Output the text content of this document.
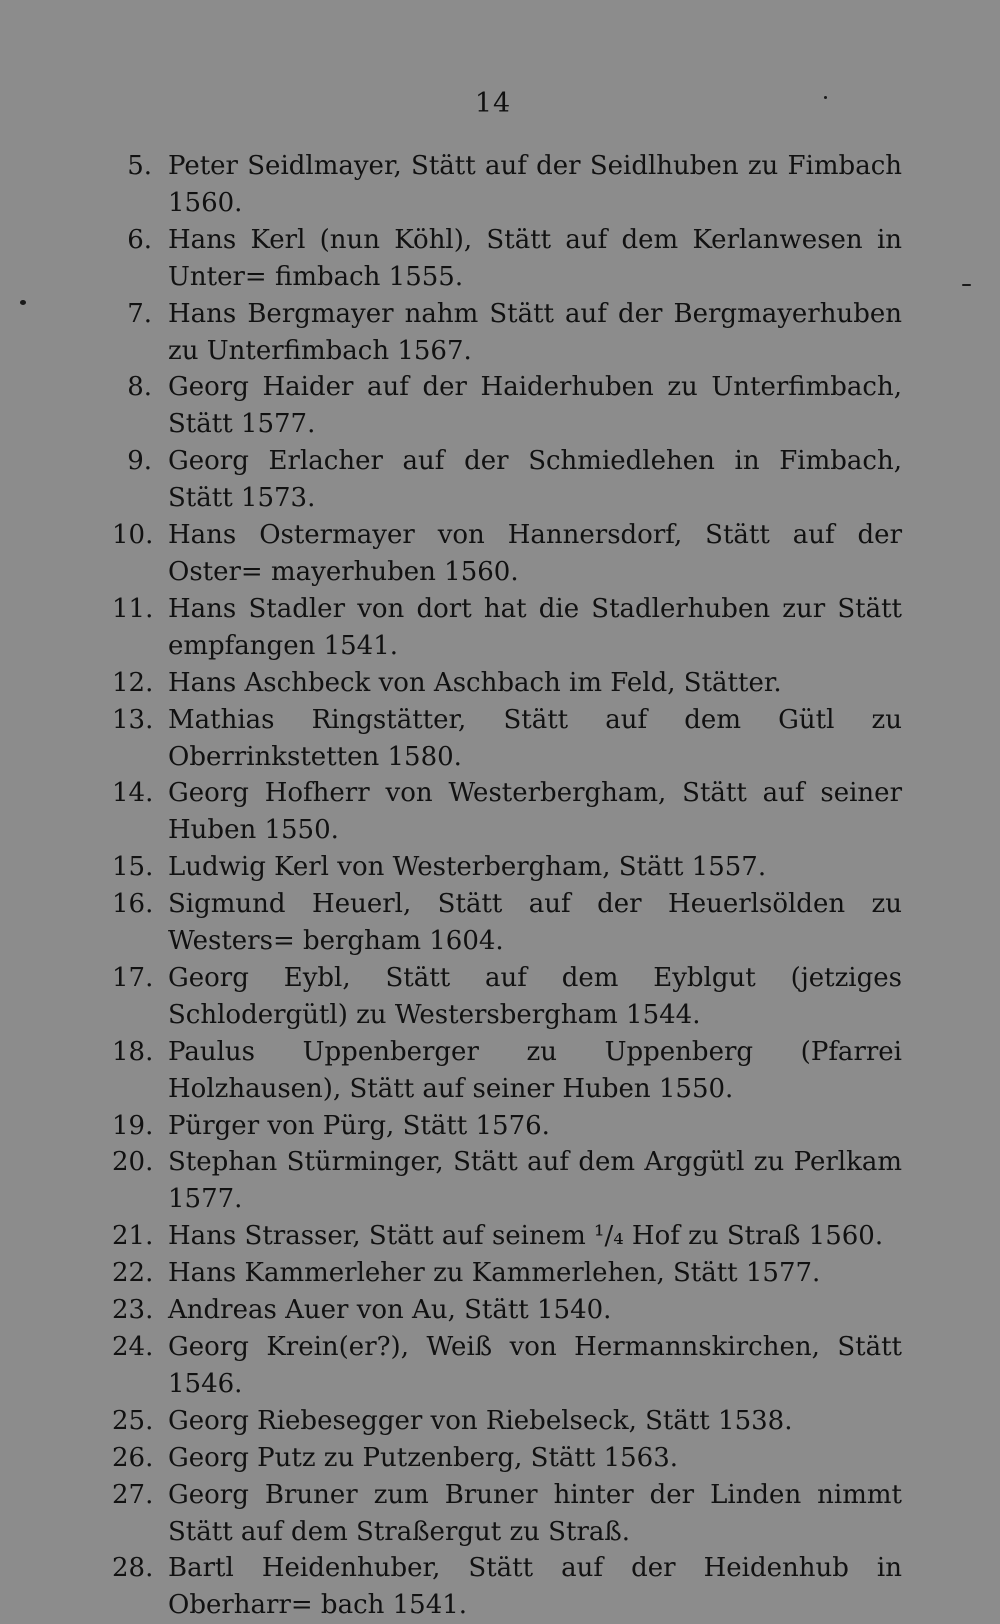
14
5. Peter Seidlmayer, Stätt auf der Seidlhuben zu Fimbach 1560.
6. Hans Kerl (nun Köhl), Stätt auf dem Kerlanwesen in Unter= fimbach 1555.
7. Hans Bergmayer nahm Stätt auf der Bergmayerhuben zu Unterfimbach 1567.
8. Georg Haider auf der Haiderhuben zu Unterfimbach, Stätt 1577.
9. Georg Erlacher auf der Schmiedlehen in Fimbach, Stätt 1573.
10. Hans Ostermayer von Hannersdorf, Stätt auf der Oster= mayerhuben 1560.
11. Hans Stadler von dort hat die Stadlerhuben zur Stätt empfangen 1541.
12. Hans Aschbeck von Aschbach im Feld, Stätter.
13. Mathias Ringstätter, Stätt auf dem Gütl zu Oberrinkstetten 1580.
14. Georg Hofherr von Westerbergham, Stätt auf seiner Huben 1550.
15. Ludwig Kerl von Westerbergham, Stätt 1557.
16. Sigmund Heuerl, Stätt auf der Heuerlsölden zu Westers= bergham 1604.
17. Georg Eybl, Stätt auf dem Eyblgut (jetziges Schlodergütl) zu Westersbergham 1544.
18. Paulus Uppenberger zu Uppenberg (Pfarrei Holzhausen), Stätt auf seiner Huben 1550.
19. Pürger von Pürg, Stätt 1576.
20. Stephan Stürminger, Stätt auf dem Arggütl zu Perlkam 1577.
21. Hans Strasser, Stätt auf seinem ¹/₄ Hof zu Straß 1560.
22. Hans Kammerleher zu Kammerlehen, Stätt 1577.
23. Andreas Auer von Au, Stätt 1540.
24. Georg Krein(er?), Weiß von Hermannskirchen, Stätt 1546.
25. Georg Riebesegger von Riebelseck, Stätt 1538.
26. Georg Putz zu Putzenberg, Stätt 1563.
27. Georg Bruner zum Bruner hinter der Linden nimmt Stätt auf dem Straßergut zu Straß.
28. Bartl Heidenhuber, Stätt auf der Heidenhub in Oberharr= bach 1541.
